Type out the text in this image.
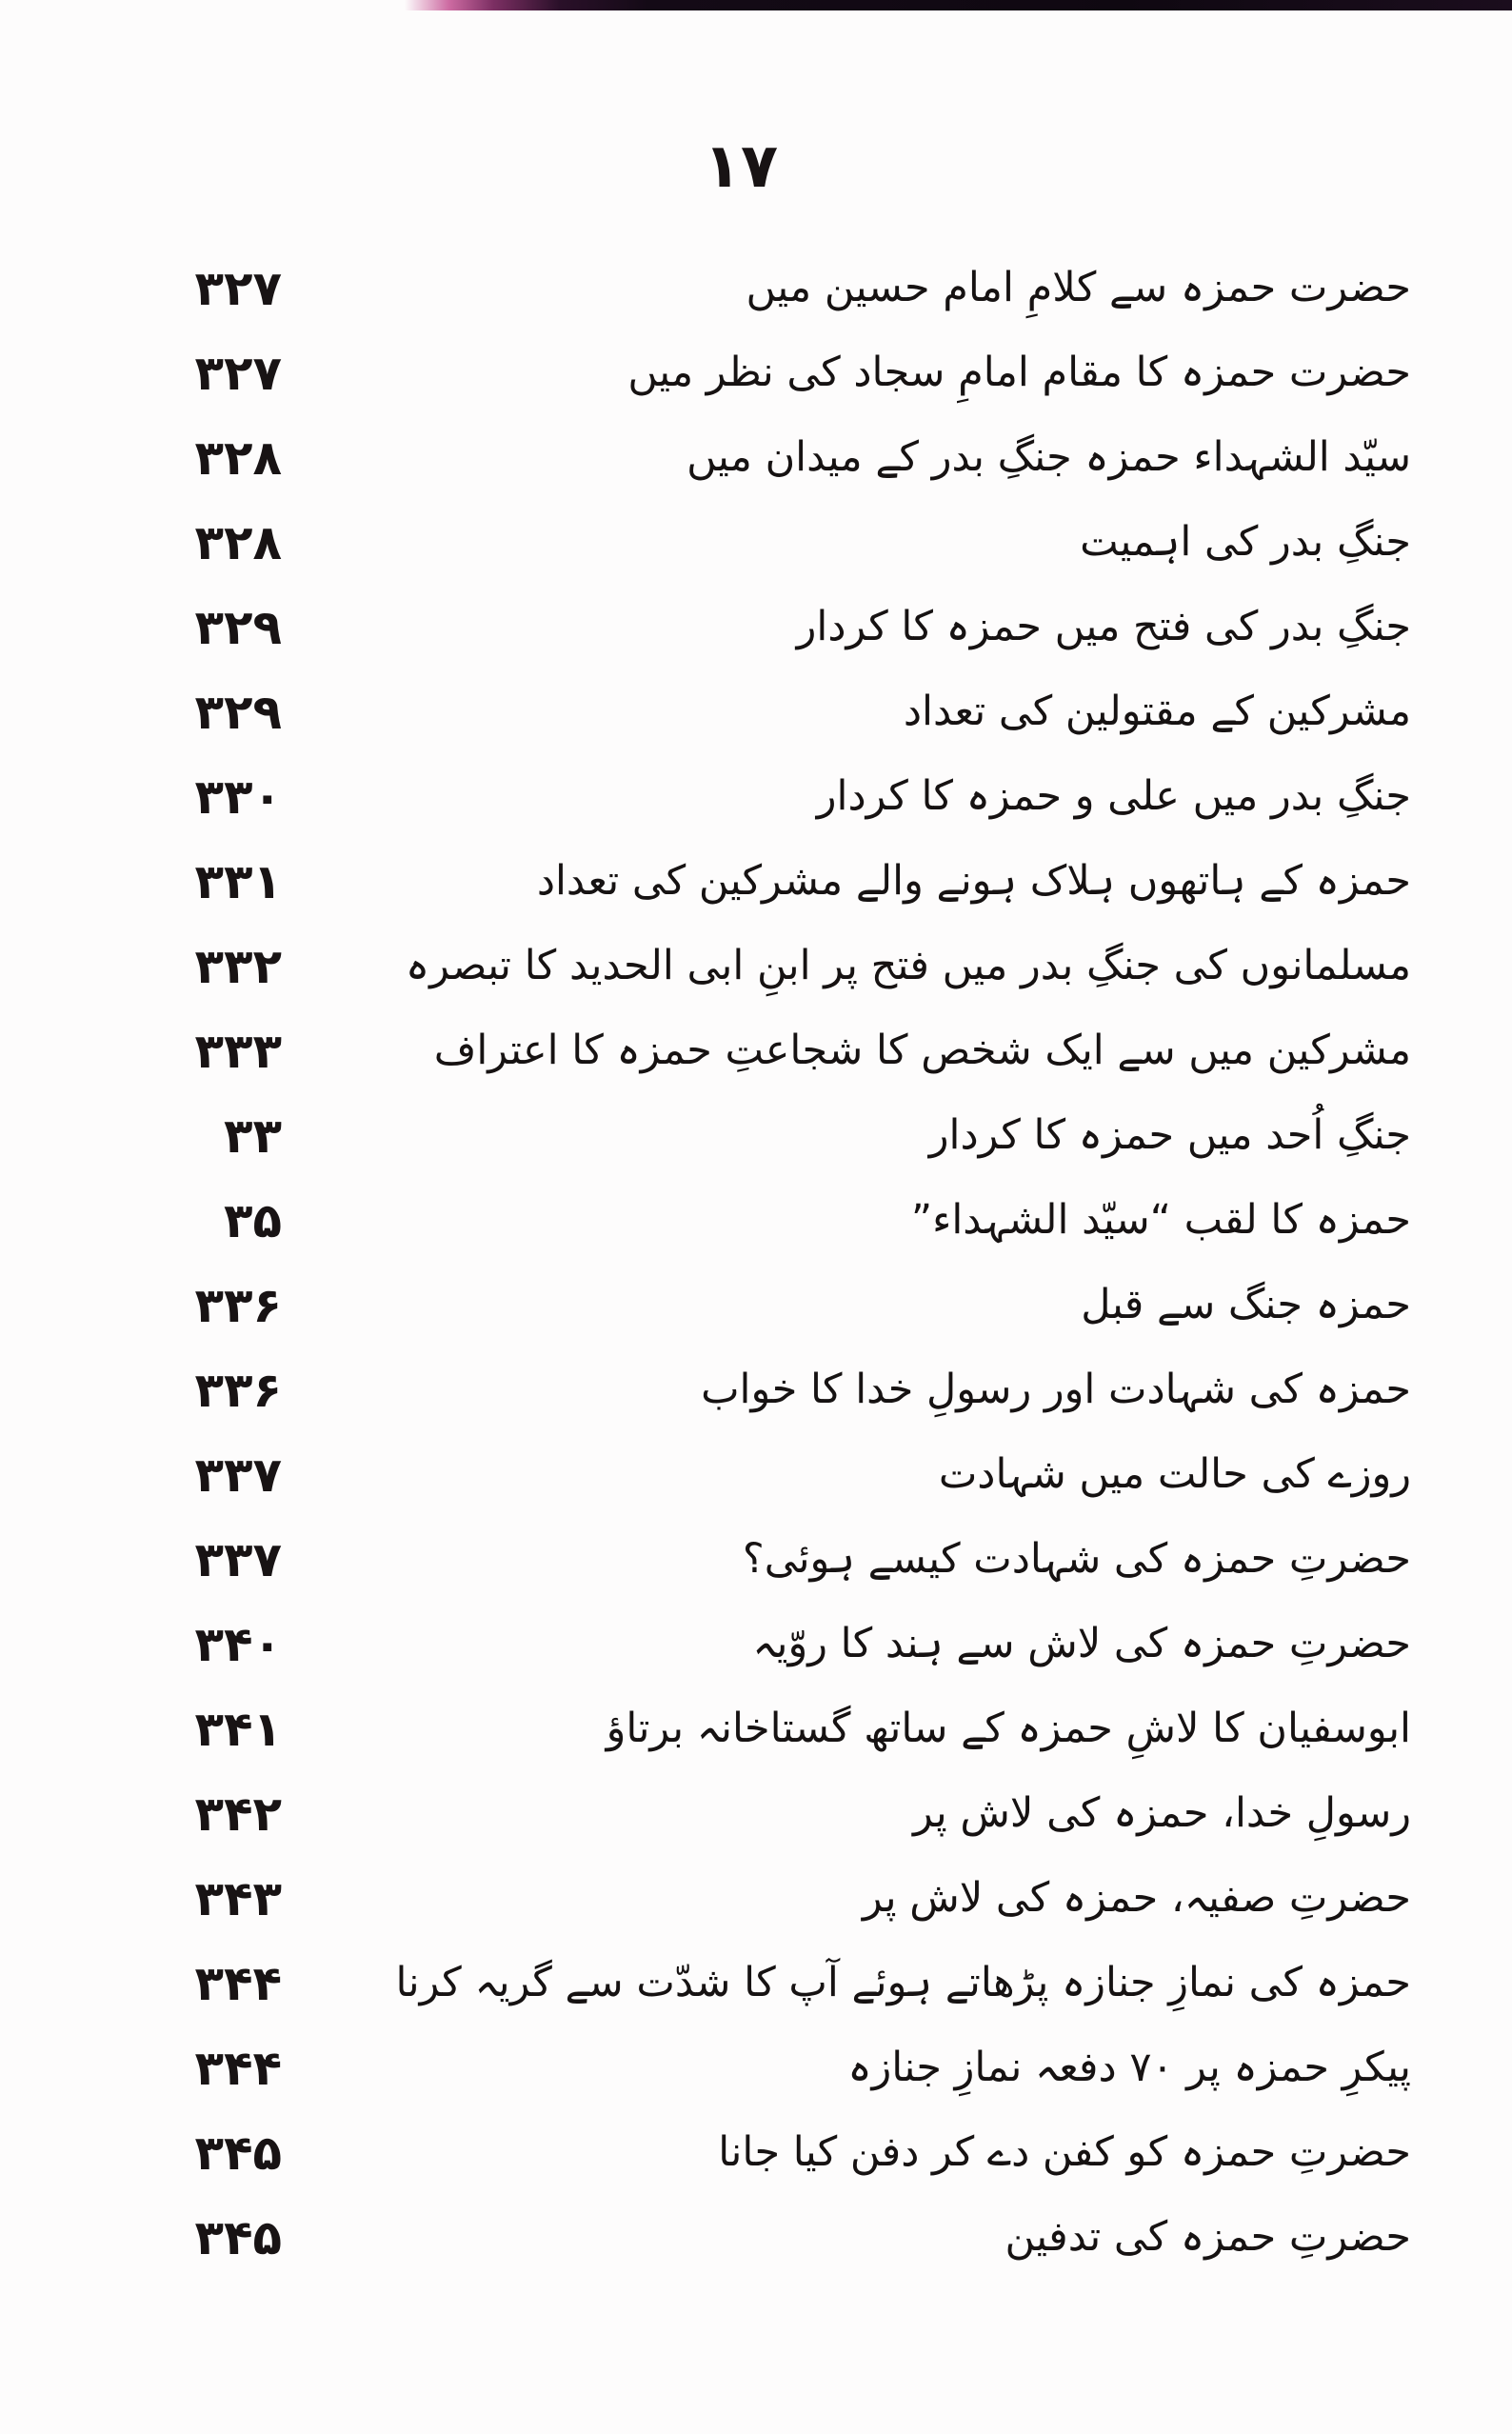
۱۷
حضرت حمزہ سے کلامِ امام حسین میں
۳۲۷
حضرت حمزہ کا مقام امامِ سجاد کی نظر میں
۳۲۷
سیّد الشہداء حمزہ جنگِ بدر کے میدان میں
۳۲۸
جنگِ بدر کی اہمیت
۳۲۸
جنگِ بدر کی فتح میں حمزہ کا کردار
۳۲۹
مشرکین کے مقتولین کی تعداد
۳۲۹
جنگِ بدر میں علی و حمزہ کا کردار
۳۳۰
حمزہ کے ہاتھوں ہلاک ہونے والے مشرکین کی تعداد
۳۳۱
مسلمانوں کی جنگِ بدر میں فتح پر ابنِ ابی الحدید کا تبصرہ
۳۳۲
مشرکین میں سے ایک شخص کا شجاعتِ حمزہ کا اعتراف
۳۳۳
جنگِ اُحد میں حمزہ کا کردار
۳۳
حمزہ کا لقب “سیّد الشہداء”
۳۵
حمزہ جنگ سے قبل
۳۳۶
حمزہ کی شہادت اور رسولِ خدا کا خواب
۳۳۶
روزے کی حالت میں شہادت
۳۳۷
حضرتِ حمزہ کی شہادت کیسے ہوئی؟
۳۳۷
حضرتِ حمزہ کی لاش سے ہند کا روّیہ
۳۴۰
ابوسفیان کا لاشِ حمزہ کے ساتھ گستاخانہ برتاؤ
۳۴۱
رسولِ خدا، حمزہ کی لاش پر
۳۴۲
حضرتِ صفیہ، حمزہ کی لاش پر
۳۴۳
حمزہ کی نمازِ جنازہ پڑھاتے ہوئے آپ کا شدّت سے گریہ کرنا
۳۴۴
پیکرِ حمزہ پر ۷۰ دفعہ نمازِ جنازہ
۳۴۴
حضرتِ حمزہ کو کفن دے کر دفن کیا جانا
۳۴۵
حضرتِ حمزہ کی تدفین
۳۴۵
